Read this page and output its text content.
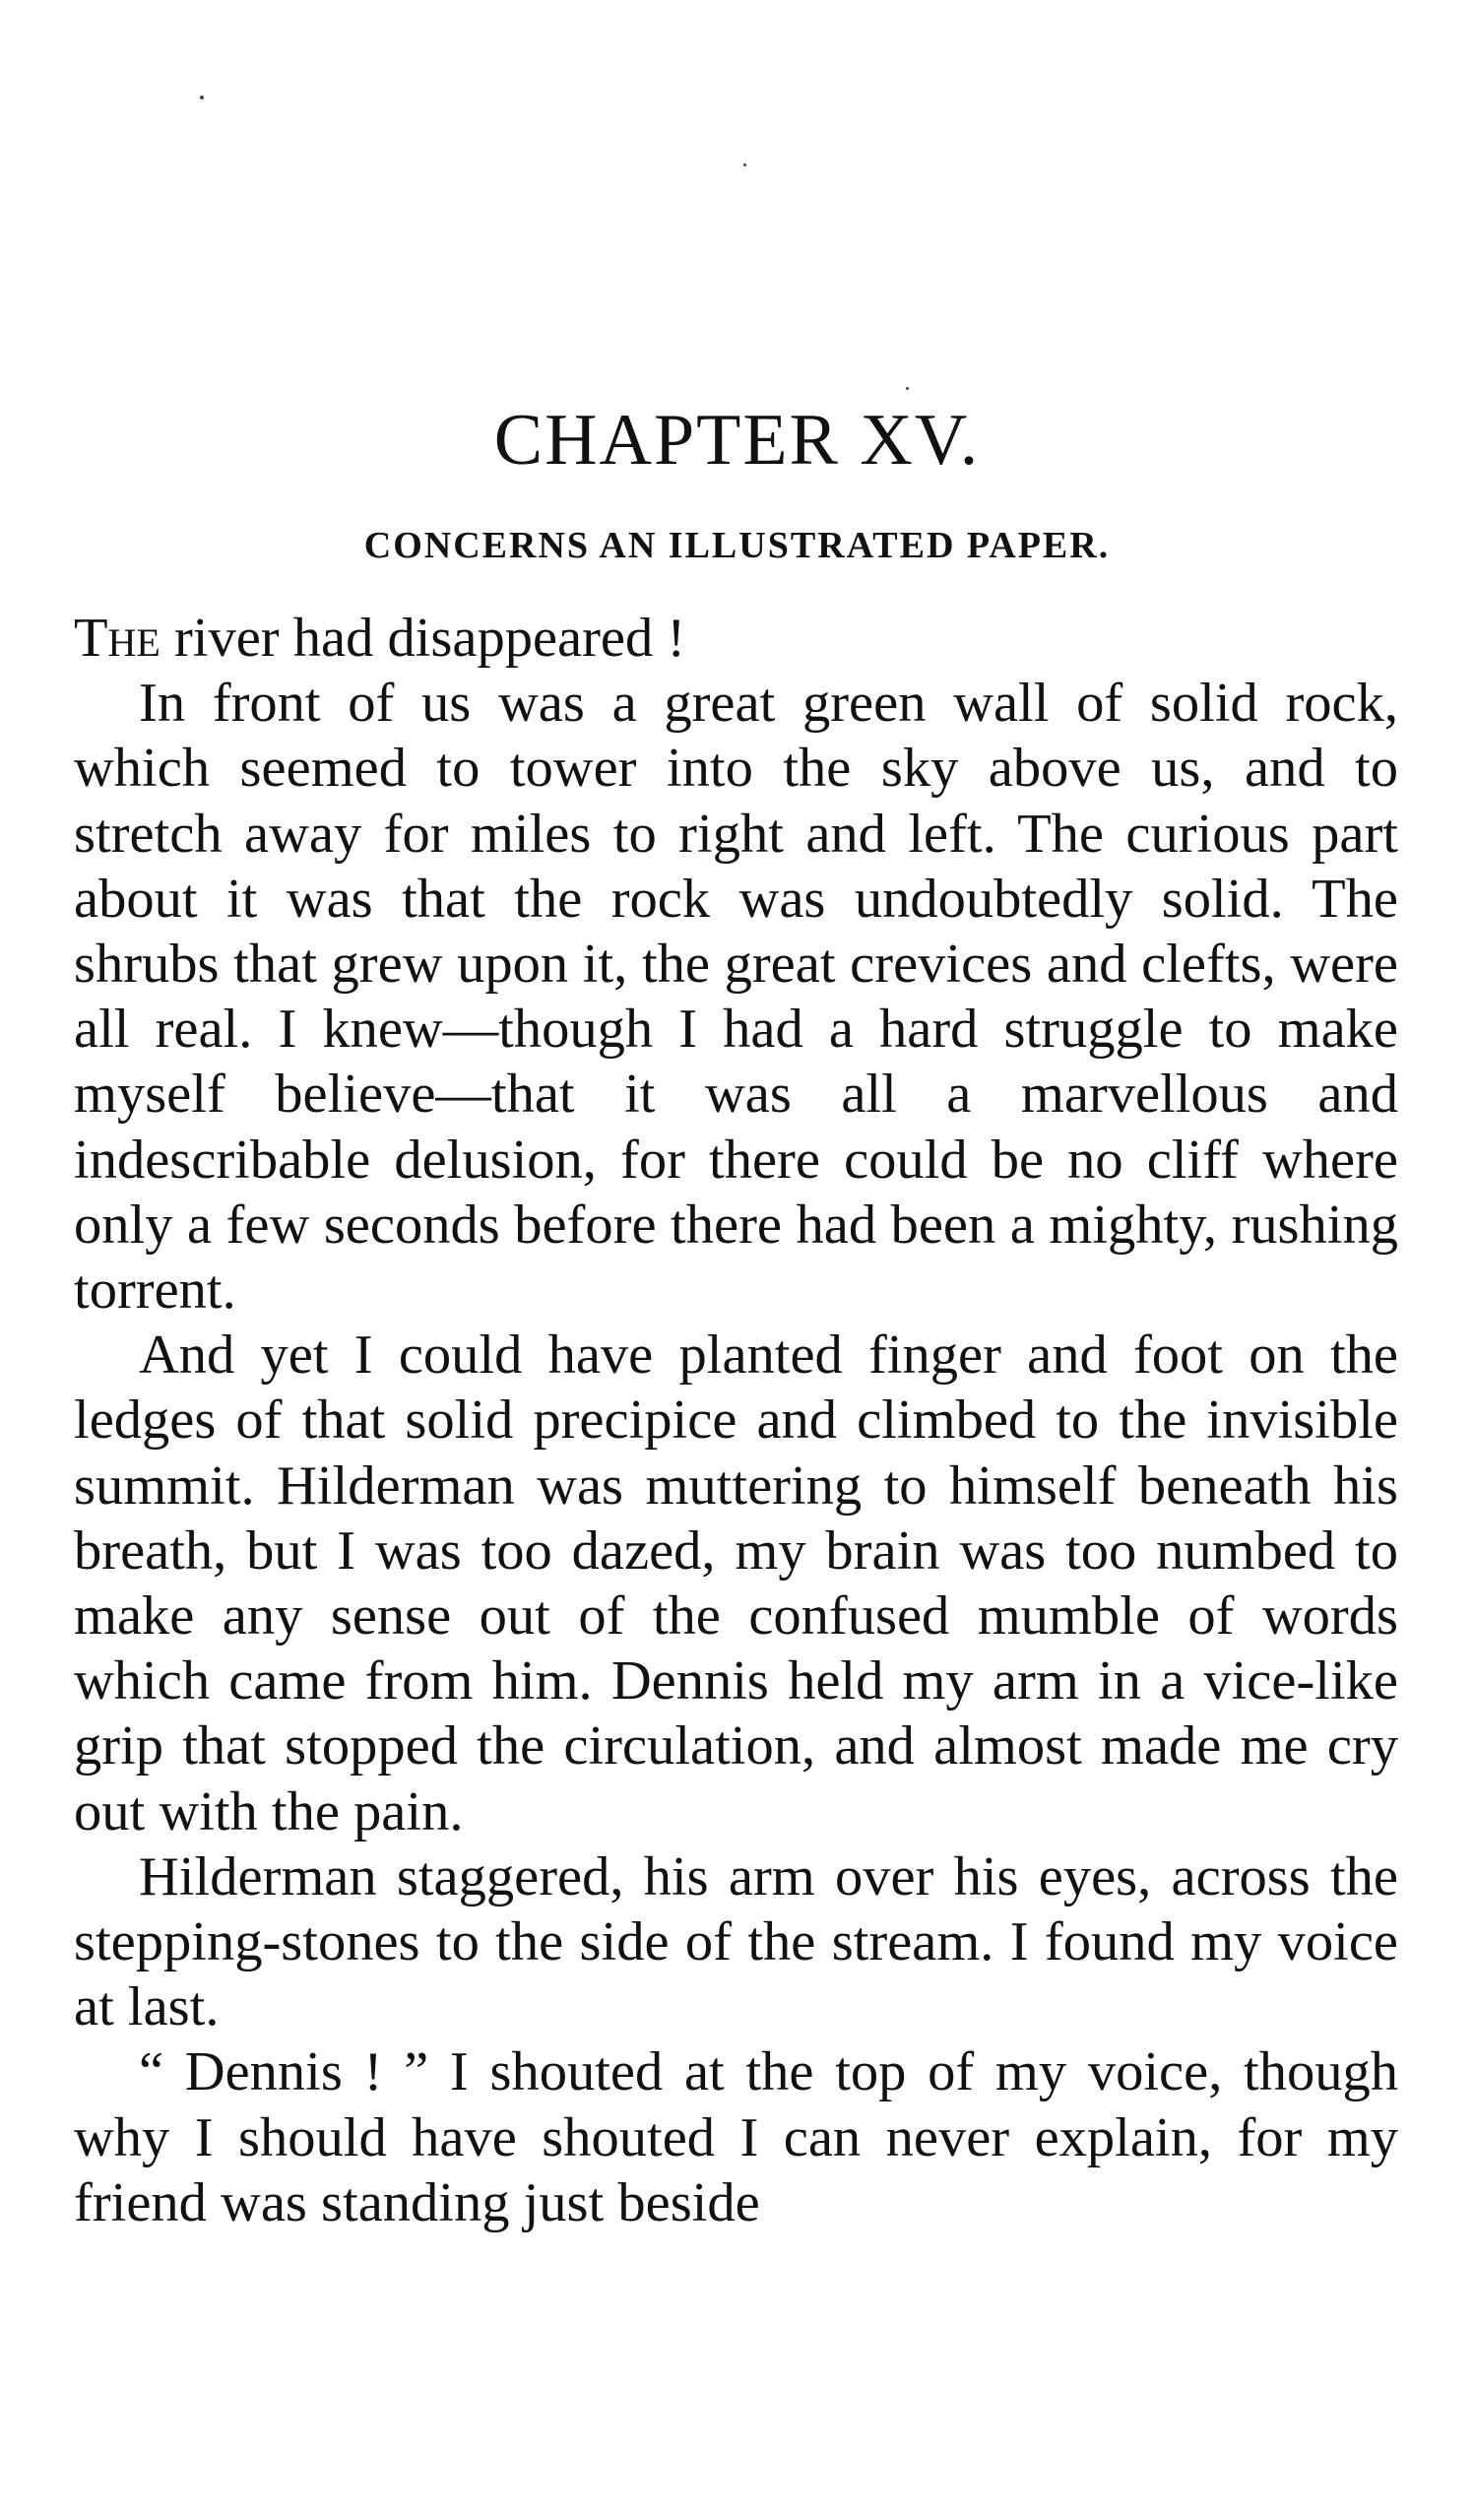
CHAPTER XV.
CONCERNS AN ILLUSTRATED PAPER.

The river had disappeared !

In front of us was a great green wall of solid rock, which seemed to tower into the sky above us, and to stretch away for miles to right and left. The curious part about it was that the rock was undoubtedly solid. The shrubs that grew upon it, the great crevices and clefts, were all real. I knew—though I had a hard struggle to make myself believe—that it was all a marvellous and indescribable delusion, for there could be no cliff where only a few seconds before there had been a mighty, rushing torrent.

And yet I could have planted finger and foot on the ledges of that solid precipice and climbed to the invisible summit. Hilderman was muttering to himself beneath his breath, but I was too dazed, my brain was too numbed to make any sense out of the confused mumble of words which came from him. Dennis held my arm in a vice-like grip that stopped the circulation, and almost made me cry out with the pain.

Hilderman staggered, his arm over his eyes, across the stepping-stones to the side of the stream. I found my voice at last.

“ Dennis ! ” I shouted at the top of my voice, though why I should have shouted I can never explain, for my friend was standing just beside
